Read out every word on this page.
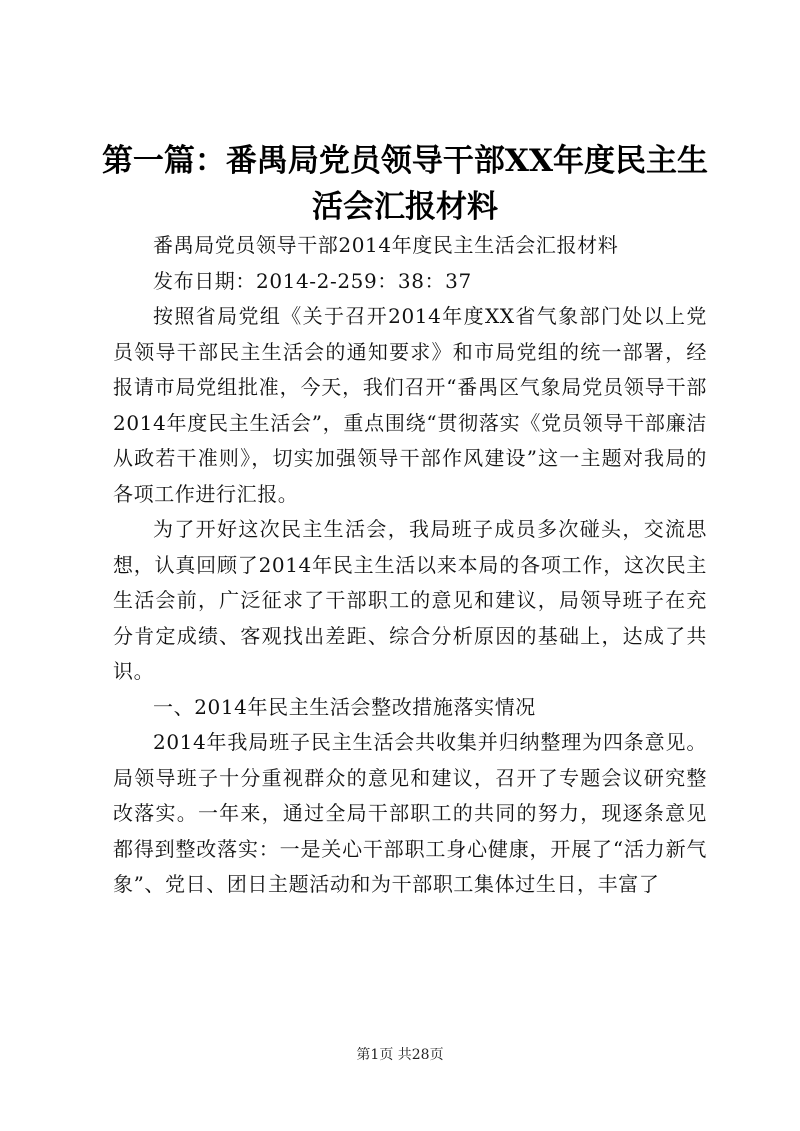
第一篇：番禺局党员领导干部XX年度民主生活会汇报材料

番禺局党员领导干部2014年度民主生活会汇报材料

发布日期：2014-2-259：38：37

按照省局党组《关于召开2014年度XX省气象部门处以上党员领导干部民主生活会的通知要求》和市局党组的统一部署，经报请市局党组批准，今天，我们召开“番禺区气象局党员领导干部2014年度民主生活会”，重点围绕“贯彻落实《党员领导干部廉洁从政若干准则》，切实加强领导干部作风建设”这一主题对我局的各项工作进行汇报。

为了开好这次民主生活会，我局班子成员多次碰头，交流思想，认真回顾了2014年民主生活以来本局的各项工作，这次民主生活会前，广泛征求了干部职工的意见和建议，局领导班子在充分肯定成绩、客观找出差距、综合分析原因的基础上，达成了共识。

一、2014年民主生活会整改措施落实情况

2014年我局班子民主生活会共收集并归纳整理为四条意见。局领导班子十分重视群众的意见和建议，召开了专题会议研究整改落实。一年来，通过全局干部职工的共同的努力，现逐条意见都得到整改落实：一是关心干部职工身心健康，开展了“活力新气象”、党日、团日主题活动和为干部职工集体过生日，丰富了

第1页 共28页
